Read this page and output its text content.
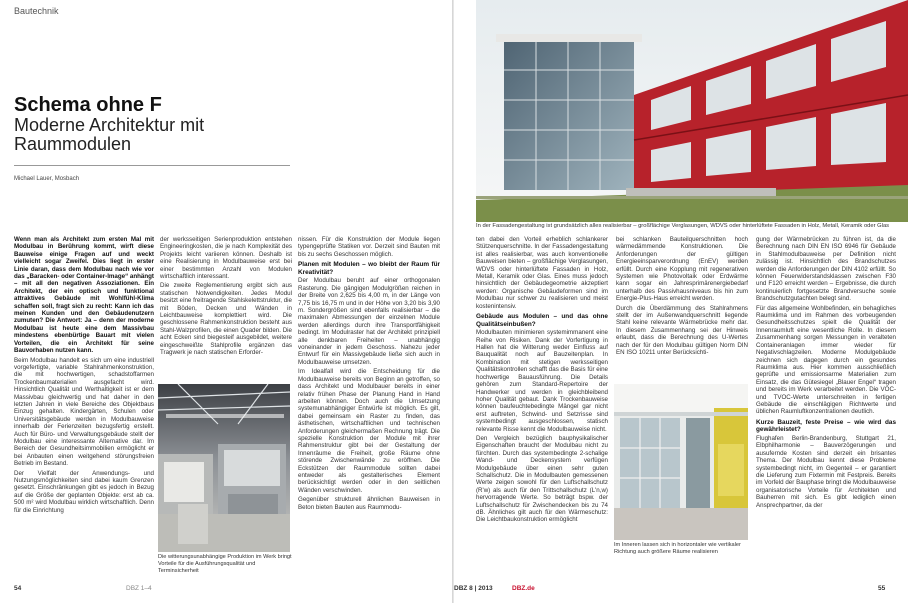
Bautechnik
Schema ohne F
Moderne Architektur mit Raummodulen
Michael Lauer, Mosbach

Wenn man als Architekt zum ersten Mal mit Modulbau in Berührung kommt, wirft diese Bauweise einige Fragen auf und weckt vielleicht sogar Zweifel. Dies liegt in erster Linie daran, dass dem Modulbau nach wie vor das „Baracken- oder Container-Image“ anhängt – mit all den negativen Assoziationen. Ein Architekt, der ein optisch und funktional attraktives Gebäude mit Wohlfühl-Klima schaffen soll, fragt sich zu recht: Kann ich das meinen Kunden und den Gebäudenutzern zumuten? Die Antwort: Ja – denn der moderne Modulbau ist heute eine dem Massivbau mindestens ebenbürtige Bauart mit vielen Vorteilen, die ein Architekt für seine Bauvorhaben nutzen kann.

Beim Modulbau handelt es sich um eine industriell vorgefertigte, variable Stahlrahmenkonstruktion, die mit hochwertigen, schadstoffarmen Trockenbaumaterialien ausgefacht wird. Hinsichtlich Qualität und Werthaltigkeit ist er dem Massivbau gleichwertig und hat daher in den letzten Jahren in viele Bereiche des Objektbaus Einzug gehalten. Kindergärten, Schulen oder Universitätsgebäude werden in Modulbauweise innerhalb der Ferienzeiten bezugsfertig erstellt. Auch für Büro- und Verwaltungsgebäude stellt der Modulbau eine interessante Alternative dar. Im Bereich der Gesundheitsimmobilien ermöglicht er bei Anbauten einen weitgehend störungsfreien Betrieb im Bestand.

Der Vielfalt der Anwendungs- und Nutzungsmöglichkeiten sind dabei kaum Grenzen gesetzt. Einschränkungen gibt es jedoch in Bezug auf die Größe der geplanten Objekte: erst ab ca. 500 m² wird Modulbau wirklich wirtschaftlich. Denn für die Einrichtung

der werksseitigen Serienproduktion entstehen Engineeringkosten, die je nach Komplexität des Projekts leicht variieren können. Deshalb ist eine Realisierung in Modulbauweise erst bei einer bestimmten Anzahl von Modulen wirtschaftlich interessant.

Die zweite Reglementierung ergibt sich aus statischen Notwendigkeiten. Jedes Modul besitzt eine freitragende Stahlskelettstruktur, die mit Böden, Decken und Wänden in Leichtbauweise komplettiert wird. Die geschlossene Rahmenkonstruktion besteht aus Stahl-Walzprofilen, die einen Quader bilden. Die acht Ecken sind biegesteif ausgebildet, weitere eingeschweißte Stahlprofile ergänzen das Tragwerk je nach statischen Erforder-

Die witterungsunabhängige Produktion im Werk bringt Vorteile für die Ausführungsqualität und Terminsicherheit

nissen. Für die Konstruktion der Module liegen typengeprüfte Statiken vor. Derzeit sind Bauten mit bis zu sechs Geschossen möglich.

Planen mit Modulen – wo bleibt der Raum für Kreativität?

Der Modulbau beruht auf einer orthogonalen Rasterung. Die gängigen Modulgrößen reichen in der Breite von 2,625 bis 4,00 m, in der Länge von 7,75 bis 16,75 m und in der Höhe von 3,20 bis 3,90 m. Sondergrößen sind ebenfalls realisierbar – die maximalen Abmessungen der einzelnen Module werden allerdings durch ihre Transportfähigkeit bedingt. Im Modulraster hat der Architekt prinzipiell alle denkbaren Freiheiten – unabhängig voneinander in jedem Geschoss. Nahezu jeder Entwurf für ein Massivgebäude ließe sich auch in Modulbauweise umsetzen.

Im Idealfall wird die Entscheidung für die Modulbauweise bereits von Beginn an getroffen, so dass Architekt und Modulbauer bereits in einer relativ frühen Phase der Planung Hand in Hand arbeiten können. Doch auch die Umsetzung systemunabhängiger Entwürfe ist möglich. Es gilt, dabei gemeinsam ein Raster zu finden, das ästhetischen, wirtschaftlichen und technischen Anforderungen gleichermaßen Rechnung trägt. Die spezielle Konstruktion der Module mit ihrer Rahmenstruktur gibt bei der Gestaltung der Innenräume die Freiheit, große Räume ohne störende Zwischenwände zu eröffnen. Die Eckstützen der Raummodule sollten dabei entweder als gestalterisches Element berücksichtigt werden oder in den seitlichen Wänden verschwinden.

Gegenüber strukturell ähnlichen Bauweisen in Beton bieten Bauten aus Raummodu-

54	DBZ 1–4
In der Fassadengestaltung ist grundsätzlich alles realisierbar – großflächige Verglasungen, WDVS oder hinterlüftete Fassaden in Holz, Metall, Keramik oder Glas

ten dabei den Vorteil erheblich schlankerer Stützenquerschnitte. In der Fassadengestaltung ist alles realisierbar, was auch konventionelle Bauweisen bieten – großflächige Verglasungen, WDVS oder hinterlüftete Fassaden in Holz, Metall, Keramik oder Glas. Eines muss jedoch hinsichtlich der Gebäudegeometrie akzeptiert werden: Organische Gebäudeformen sind im Modulbau nur schwer zu realisieren und meist kostenintensiv.

Gebäude aus Modulen – und das ohne Qualitätseinbußen?

Modulbauten minimieren systemimmanent eine Reihe von Risiken. Dank der Vorfertigung in Hallen hat die Witterung weder Einfluss auf Bauqualität noch auf Bauzeitenplan. In Kombination mit stetigen werksseitigen Qualitätskontrollen schafft das die Basis für eine hochwertige Bauausführung. Die Details gehören zum Standard-Repertoire der Handwerker und werden in gleichbleibend hoher Qualität gebaut. Dank Trockenbauweise können baufeuchtebedingte Mängel gar nicht erst auftreten, Schwind- und Setzrisse sind systembedingt ausgeschlossen, statisch relevante Risse kennt die Modulbauweise nicht.

Den Vergleich bezüglich bauphysikalischer Eigenschaften braucht der Modulbau nicht zu fürchten. Durch das systembedingte 2-schalige Wand- und Deckensystem verfügen Modulgebäude über einen sehr guten Schallschutz. Die in Modulbauten gemessenen Werte zeigen sowohl für den Luftschallschutz (R'w) als auch für den Trittschallschutz (L'n,w) hervorragende Werte. So beträgt bspw. der Luftschallschutz für Zwischendecken bis zu 74 dB. Ähnliches gilt auch für den Wärmeschutz: Die Leichtbaukonstruktion ermöglicht

bei schlanken Bauteilquerschnitten hoch wärmedämmende Konstruktionen. Die Anforderungen der gültigen Energieeinsparverordnung (EnEV) werden erfüllt. Durch eine Kopplung mit regenerativen Systemen wie Photovoltaik oder Erdwärme kann sogar ein Jahresprimärenergiebedarf unterhalb des Passivhausniveaus bis hin zum Energie-Plus-Haus erreicht werden.

Durch die Überdämmung des Stahlrahmens stellt der im Außenwandquerschnitt liegende Stahl keine relevante Wärmebrücke mehr dar. In diesem Zusammenhang sei der Hinweis erlaubt, dass die Berechnung des U-Wertes nach der für den Modulbau gültigen Norm DIN EN ISO 10211 unter Berücksichti-

Im Inneren lassen sich in horizontaler wie vertikaler Richtung auch größere Räume realisieren

gung der Wärmebrücken zu führen ist, da die Berechnung nach DIN EN ISO 6946 für Gebäude in Stahlmodulbauweise per Definition nicht zulässig ist. Hinsichtlich des Brandschutzes werden die Anforderungen der DIN 4102 erfüllt. So können Feuerwiderstandsklassen zwischen F30 und F120 erreicht werden – Ergebnisse, die durch kontinuierlich fortgesetzte Brandversuche sowie Brandschutzgutachten belegt sind.

Für das allgemeine Wohlbefinden, ein behagliches Raumklima und im Rahmen des vorbeugenden Gesundheitsschutzes spielt die Qualität der Innenraumluft eine wesentliche Rolle. In diesem Zusammenhang sorgen Messungen in veralteten Containeranlagen immer wieder für Negativschlagzeilen. Moderne Modulgebäude zeichnen sich dagegen durch ein gesundes Raumklima aus. Hier kommen ausschließlich geprüfte und emissionsarme Materialien zum Einsatz, die das Gütesiegel „Blauer Engel“ tragen und bereits im Werk verarbeitet werden. Die VOC- und TVOC-Werte unterschreiten in fertigen Gebäude die einschlägigen Richtwerte und üblichen Raumluftkonzentrationen deutlich.

Kurze Bauzeit, feste Preise – wie wird das gewährleistet?

Flughafen Berlin-Brandenburg, Stuttgart 21, Elbphilharmonie – Bauverzögerungen und ausufernde Kosten sind derzeit ein brisantes Thema. Der Modulbau kennt diese Probleme systembedingt nicht, im Gegenteil – er garantiert die Lieferung zum Fixtermin mit Festpreis. Bereits im Vorfeld der Bauphase bringt die Modulbauweise organisatorische Vorteile für Architekten und Bauherren mit sich. Es gibt lediglich einen Ansprechpartner, da der

DBZ 8 | 2013	DBZ.de	55
